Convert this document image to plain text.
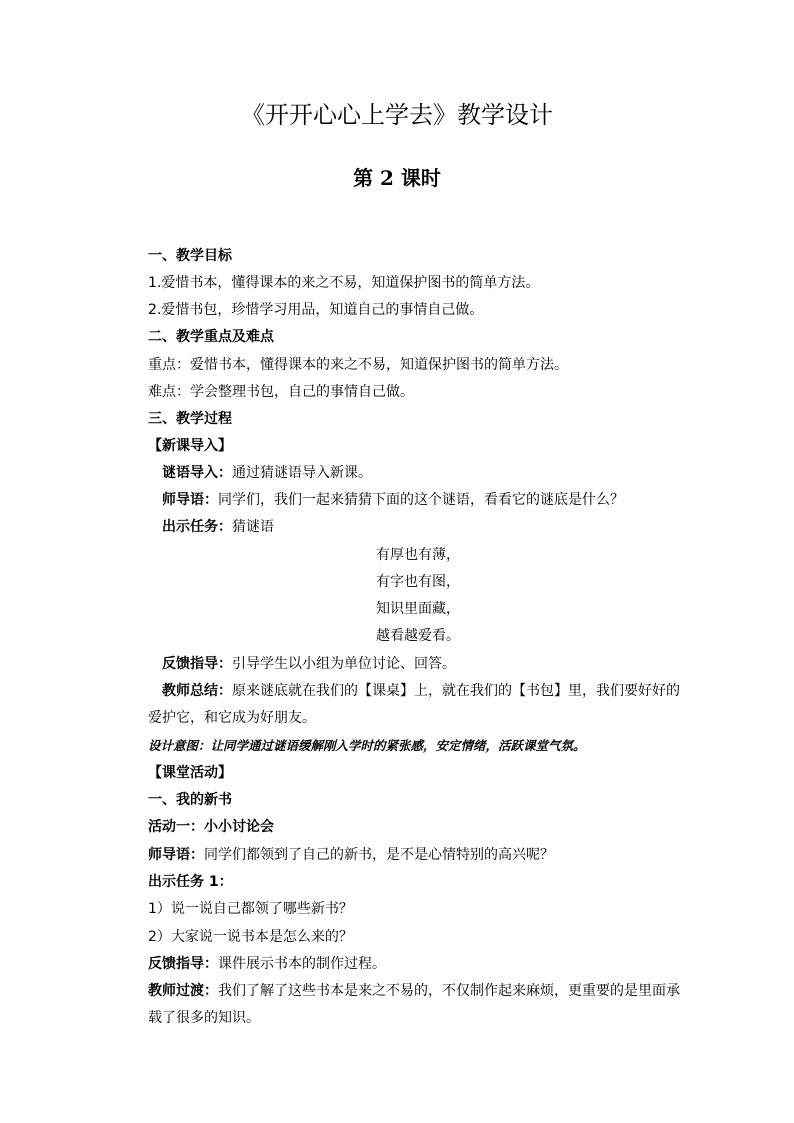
《开开心心上学去》教学设计
第 2 课时
一、教学目标
1.爱惜书本，懂得课本的来之不易，知道保护图书的简单方法。
2.爱惜书包，珍惜学习用品，知道自己的事情自己做。
二、教学重点及难点
重点：爱惜书本，懂得课本的来之不易，知道保护图书的简单方法。
难点：学会整理书包，自己的事情自己做。
三、教学过程
【新课导入】
谜语导入：通过猜谜语导入新课。
师导语：同学们，我们一起来猜猜下面的这个谜语，看看它的谜底是什么？
出示任务：猜谜语
有厚也有薄，
有字也有图，
知识里面藏，
越看越爱看。
反馈指导：引导学生以小组为单位讨论、回答。
教师总结：原来谜底就在我们的【课桌】上，就在我们的【书包】里，我们要好好的
爱护它，和它成为好朋友。
设计意图：让同学通过谜语缓解刚入学时的紧张感，安定情绪，活跃课堂气氛。
【课堂活动】
一、我的新书
活动一：小小讨论会
师导语：同学们都领到了自己的新书，是不是心情特别的高兴呢？
出示任务 1：
1）说一说自己都领了哪些新书？
2）大家说一说书本是怎么来的？
反馈指导：课件展示书本的制作过程。
教师过渡：我们了解了这些书本是来之不易的，不仅制作起来麻烦，更重要的是里面承
载了很多的知识。
